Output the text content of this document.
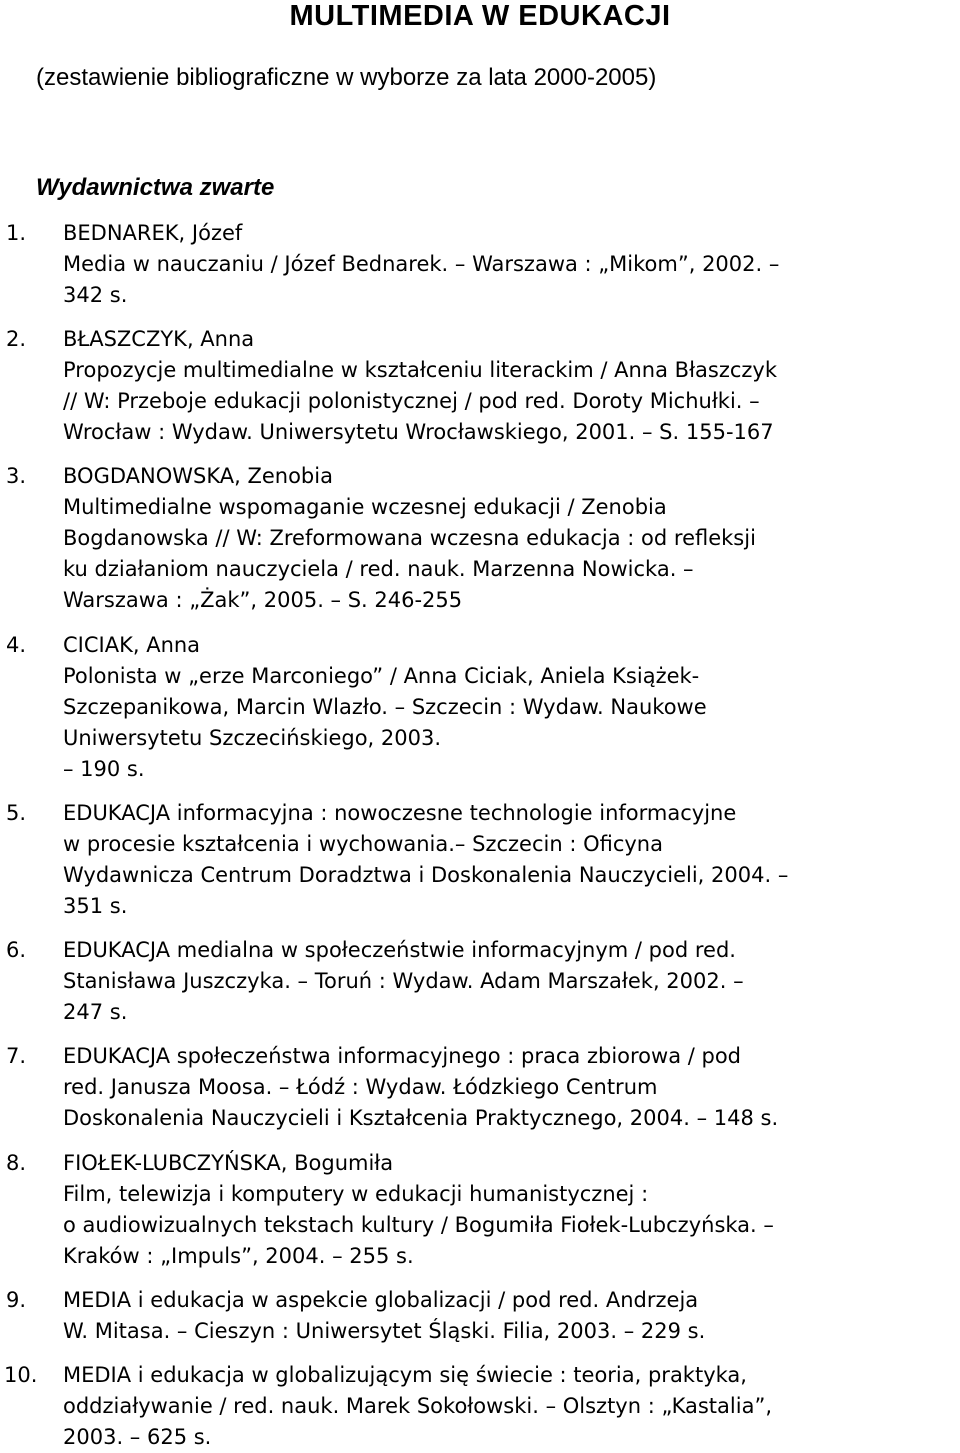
MULTIMEDIA W EDUKACJI

(zestawienie bibliograficzne w wyborze za lata 2000-2005)

Wydawnictwa zwarte
1. BEDNAREK, Józef
Media w nauczaniu / Józef Bednarek. – Warszawa : „Mikom”, 2002. –
342 s.
2. BŁASZCZYK, Anna
Propozycje multimedialne w kształceniu literackim / Anna Błaszczyk
// W: Przeboje edukacji polonistycznej / pod red. Doroty Michułki. –
Wrocław : Wydaw. Uniwersytetu Wrocławskiego, 2001. – S. 155-167
3. BOGDANOWSKA, Zenobia
Multimedialne wspomaganie wczesnej edukacji / Zenobia
Bogdanowska // W: Zreformowana wczesna edukacja : od refleksji
ku działaniom nauczyciela / red. nauk. Marzenna Nowicka. –
Warszawa : „Żak”, 2005. – S. 246-255
4. CICIAK, Anna
Polonista w „erze Marconiego” / Anna Ciciak, Aniela Książek-
Szczepanikowa, Marcin Wlazło. – Szczecin : Wydaw. Naukowe
Uniwersytetu Szczecińskiego, 2003.
– 190 s.
5. EDUKACJA informacyjna : nowoczesne technologie informacyjne
w procesie kształcenia i wychowania.– Szczecin : Oficyna
Wydawnicza Centrum Doradztwa i Doskonalenia Nauczycieli, 2004. –
351 s.
6. EDUKACJA medialna w społeczeństwie informacyjnym / pod red.
Stanisława Juszczyka. – Toruń : Wydaw. Adam Marszałek, 2002. –
247 s.
7. EDUKACJA społeczeństwa informacyjnego : praca zbiorowa / pod
red. Janusza Moosa. – Łódź : Wydaw. Łódzkiego Centrum
Doskonalenia Nauczycieli i Kształcenia Praktycznego, 2004. – 148 s.
8. FIOŁEK-LUBCZYŃSKA, Bogumiła
Film, telewizja i komputery w edukacji humanistycznej :
o audiowizualnych tekstach kultury / Bogumiła Fiołek-Lubczyńska. –
Kraków : „Impuls”, 2004. – 255 s.
9. MEDIA i edukacja w aspekcie globalizacji / pod red. Andrzeja
W. Mitasa. – Cieszyn : Uniwersytet Śląski. Filia, 2003. – 229 s.
10. MEDIA i edukacja w globalizującym się świecie : teoria, praktyka,
oddziaływanie / red. nauk. Marek Sokołowski. – Olsztyn : „Kastalia”,
2003. – 625 s.
